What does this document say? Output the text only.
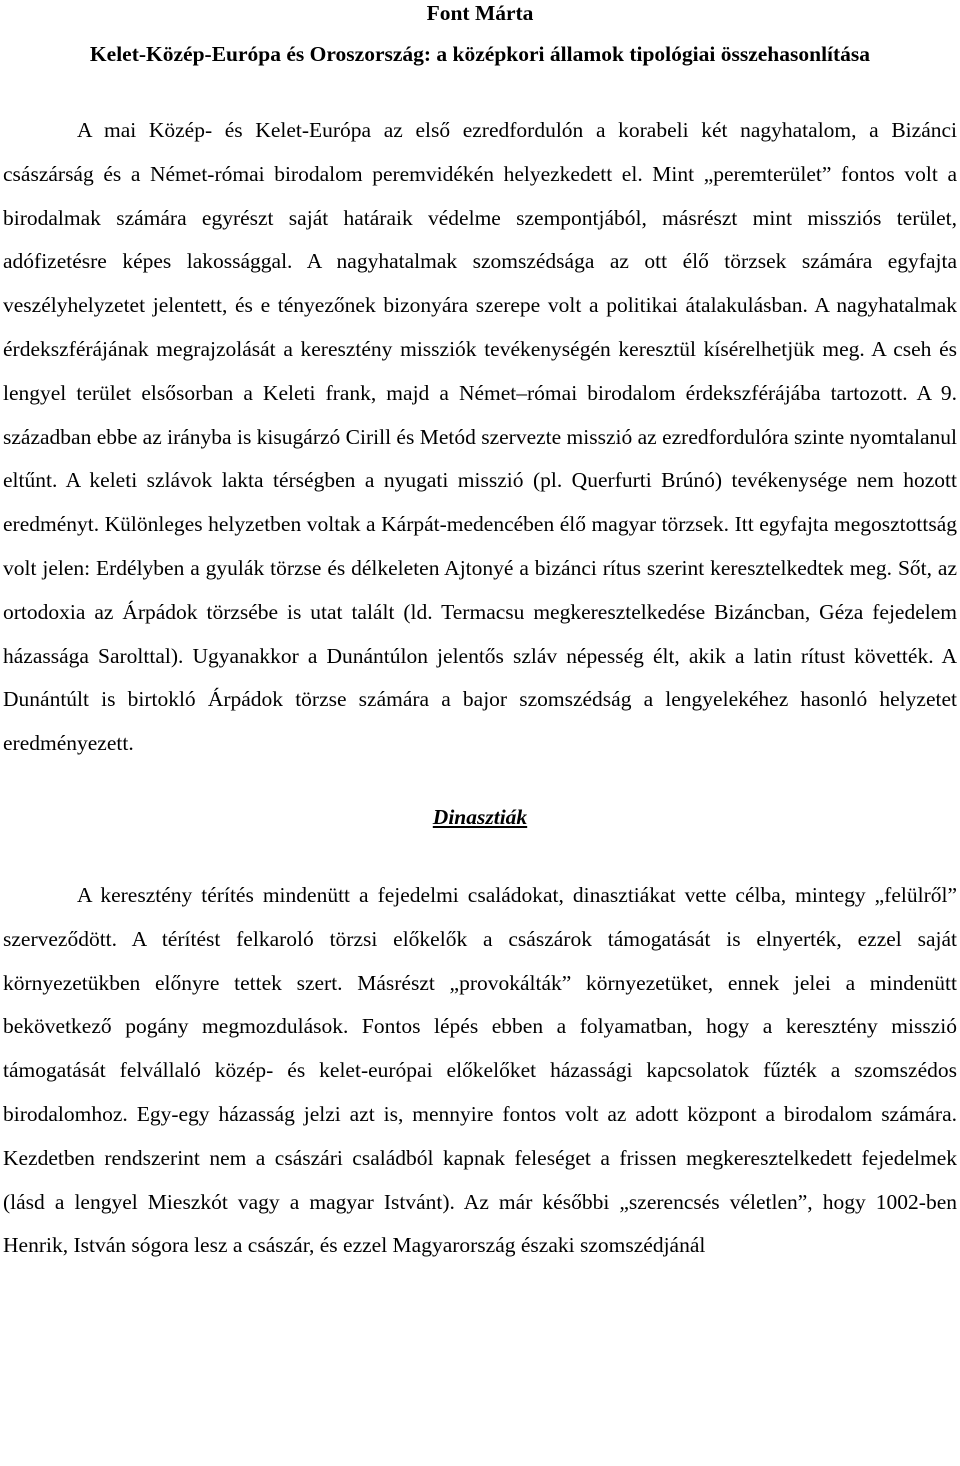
Font Márta
Kelet-Közép-Európa és Oroszország: a középkori államok tipológiai összehasonlítása

A mai Közép- és Kelet-Európa az első ezredfordulón a korabeli két nagyhatalom, a Bizánci császárság és a Német-római birodalom peremvidékén helyezkedett el. Mint „peremterület” fontos volt a birodalmak számára egyrészt saját határaik védelme szempontjából, másrészt mint missziós terület, adófizetésre képes lakossággal. A nagyhatalmak szomszédsága az ott élő törzsek számára egyfajta veszélyhelyzetet jelentett, és e tényezőnek bizonyára szerepe volt a politikai átalakulásban. A nagyhatalmak érdekszférájának megrajzolását a keresztény missziók tevékenységén keresztül kísérelhetjük meg. A cseh és lengyel terület elsősorban a Keleti frank, majd a Német–római birodalom érdekszférájába tartozott. A 9. században ebbe az irányba is kisugárzó Cirill és Metód szervezte misszió az ezredfordulóra szinte nyomtalanul eltűnt. A keleti szlávok lakta térségben a nyugati misszió (pl. Querfurti Brúnó) tevékenysége nem hozott eredményt. Különleges helyzetben voltak a Kárpát-medencében élő magyar törzsek. Itt egyfajta megosztottság volt jelen: Erdélyben a gyulák törzse és délkeleten Ajtonyé a bizánci rítus szerint keresztelkedtek meg. Sőt, az ortodoxia az Árpádok törzsébe is utat talált (ld. Termacsu megkeresztelkedése Bizáncban, Géza fejedelem házassága Sarolttal). Ugyanakkor a Dunántúlon jelentős szláv népesség élt, akik a latin rítust követték. A Dunántúlt is birtokló Árpádok törzse számára a bajor szomszédság a lengyelekéhez hasonló helyzetet eredményezett.

Dinasztiák

A keresztény térítés mindenütt a fejedelmi családokat, dinasztiákat vette célba, mintegy „felülről” szerveződött. A térítést felkaroló törzsi előkelők a császárok támogatását is elnyerték, ezzel saját környezetükben előnyre tettek szert. Másrészt „provokálták” környezetüket, ennek jelei a mindenütt bekövetkező pogány megmozdulások. Fontos lépés ebben a folyamatban, hogy a keresztény misszió támogatását felvállaló közép- és kelet-európai előkelőket házassági kapcsolatok fűzték a szomszédos birodalomhoz. Egy-egy házasság jelzi azt is, mennyire fontos volt az adott központ a birodalom számára. Kezdetben rendszerint nem a császári családból kapnak feleséget a frissen megkeresztelkedett fejedelmek (lásd a lengyel Mieszkót vagy a magyar Istvánt). Az már későbbi „szerencsés véletlen”, hogy 1002-ben Henrik, István sógora lesz a császár, és ezzel Magyarország északi szomszédjánál
